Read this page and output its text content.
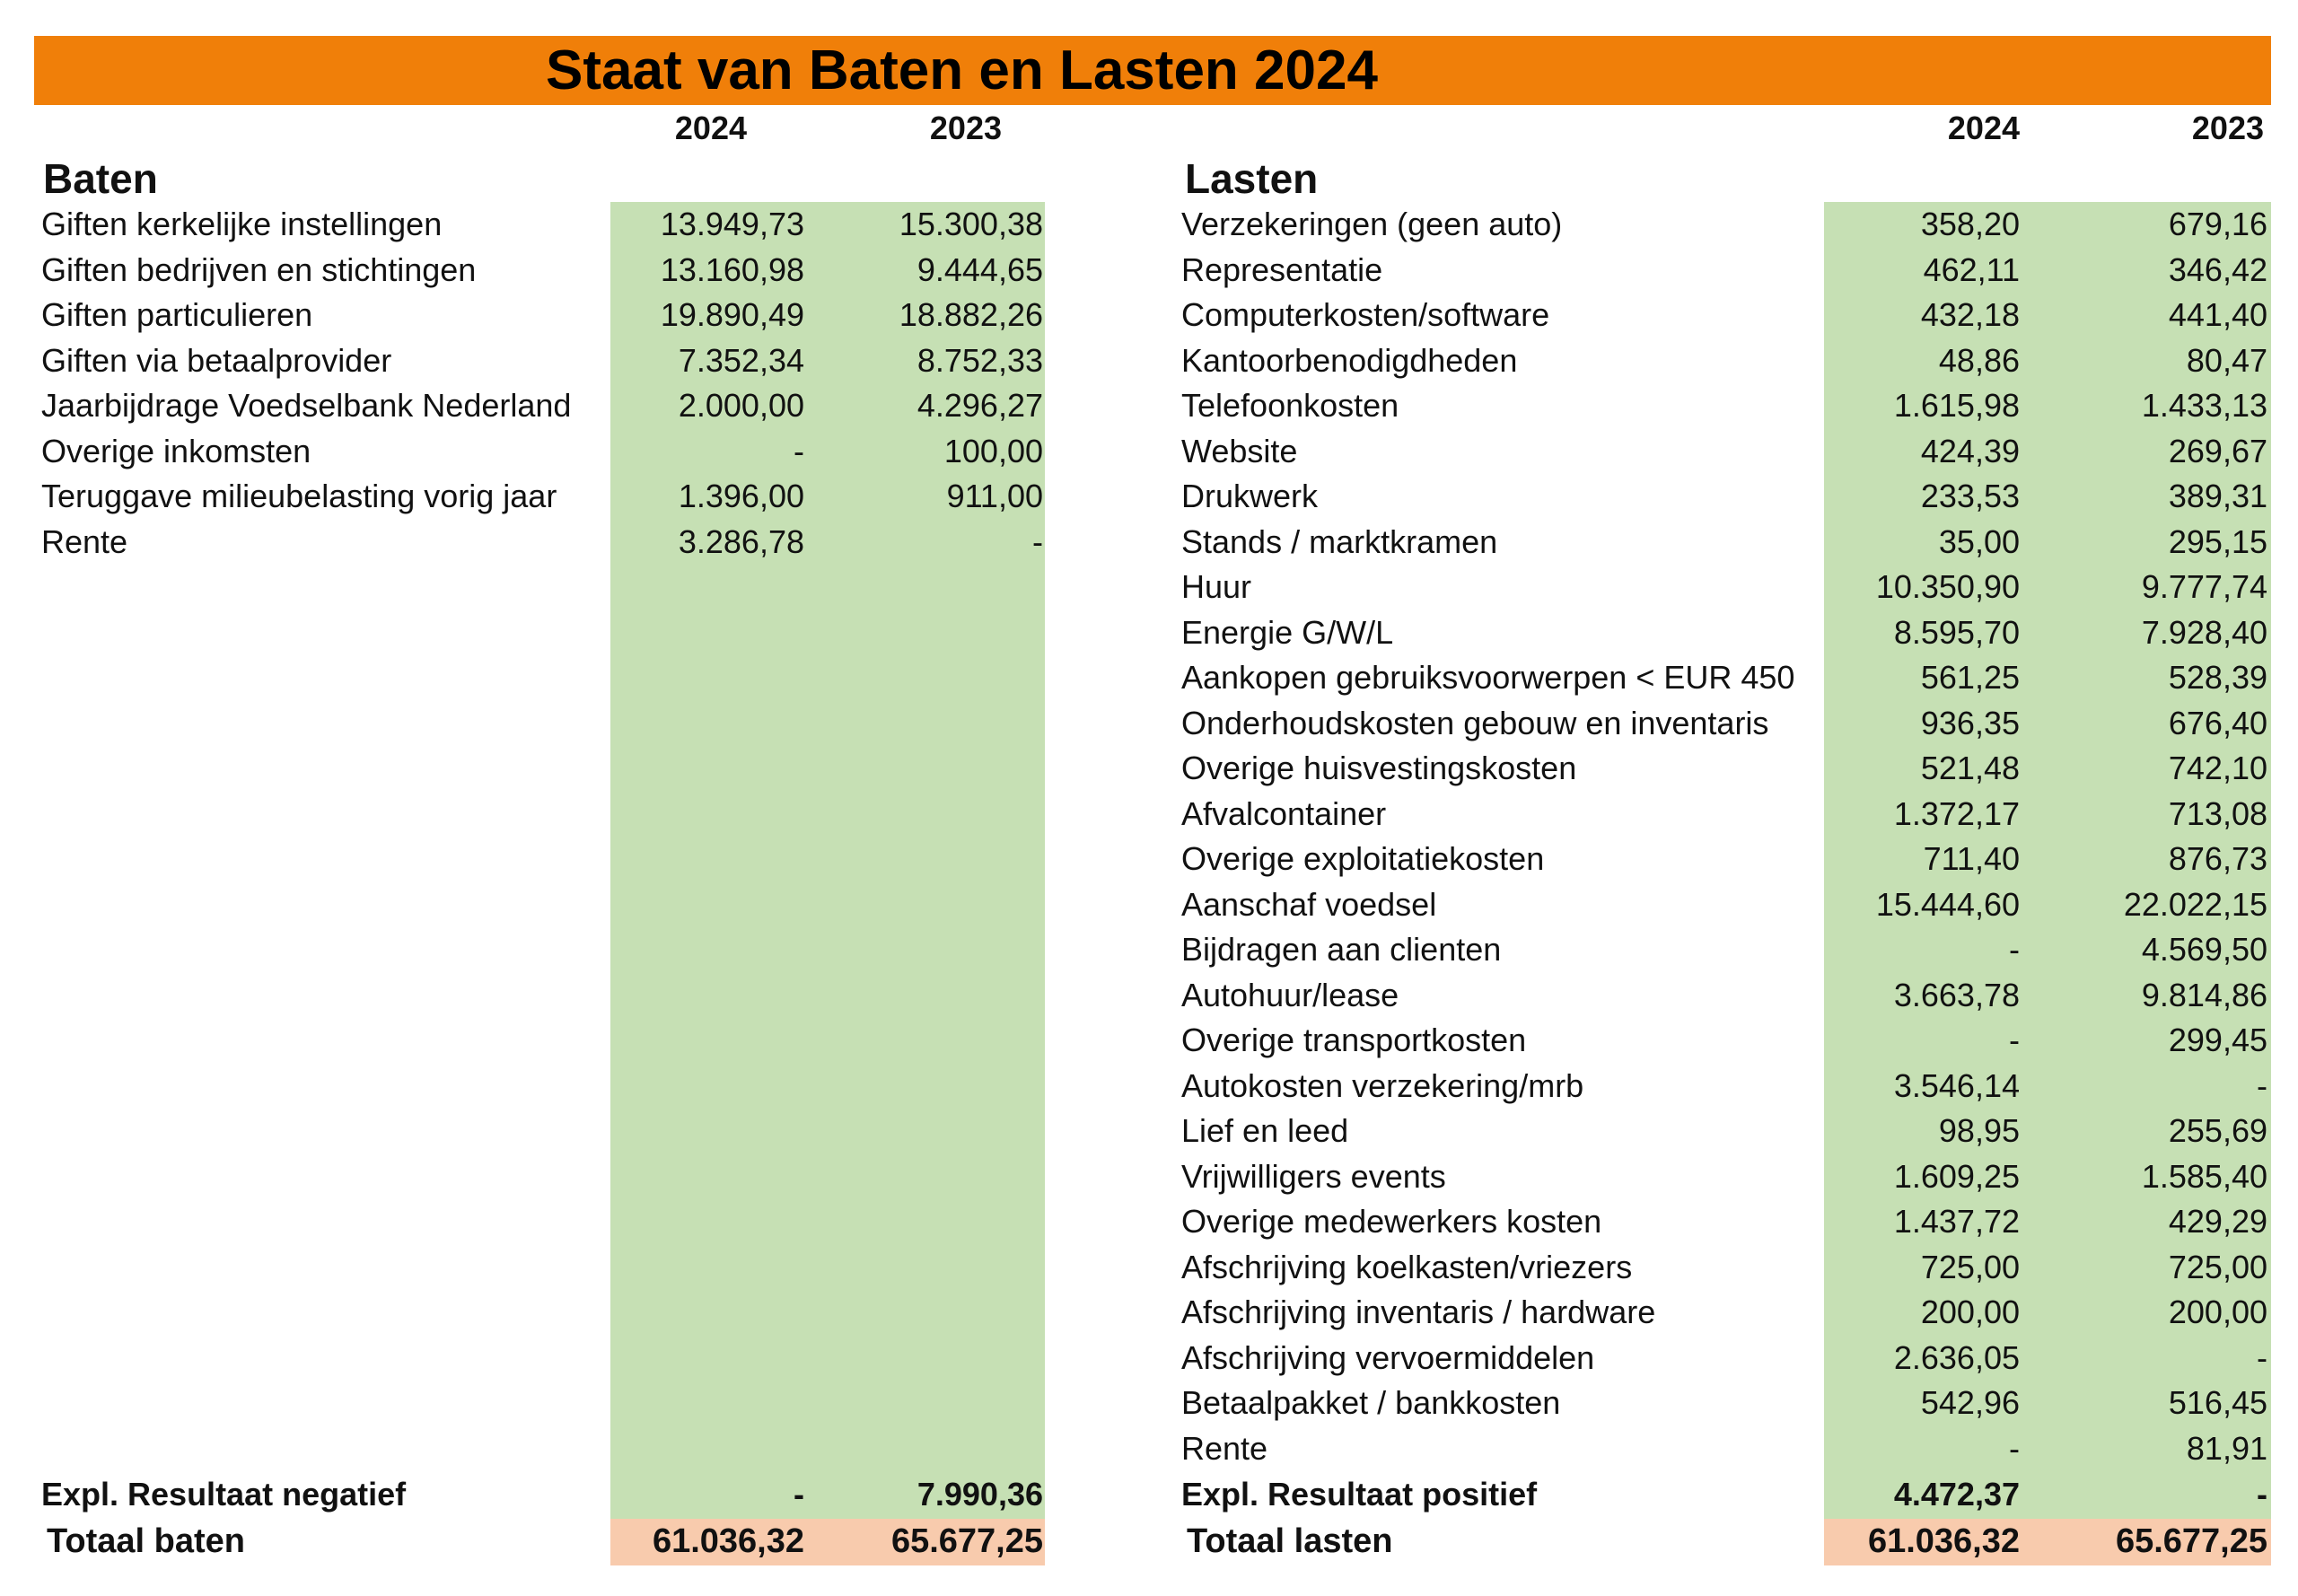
Staat van Baten en Lasten 2024
2024	2023	2024	2023
Baten	Lasten
Giften kerkelijke instellingen	13.949,73	15.300,38
Giften bedrijven en stichtingen	13.160,98	9.444,65
Giften particulieren	19.890,49	18.882,26
Giften via betaalprovider	7.352,34	8.752,33
Jaarbijdrage Voedselbank Nederland	2.000,00	4.296,27
Overige inkomsten	-	100,00
Teruggave milieubelasting vorig jaar	1.396,00	911,00
Rente	3.286,78	-
Expl. Resultaat negatief	-	7.990,36
Totaal baten	61.036,32	65.677,25
Verzekeringen (geen auto)	358,20	679,16
Representatie	462,11	346,42
Computerkosten/software	432,18	441,40
Kantoorbenodigdheden	48,86	80,47
Telefoonkosten	1.615,98	1.433,13
Website	424,39	269,67
Drukwerk	233,53	389,31
Stands / marktkramen	35,00	295,15
Huur	10.350,90	9.777,74
Energie G/W/L	8.595,70	7.928,40
Aankopen gebruiksvoorwerpen < EUR 450	561,25	528,39
Onderhoudskosten gebouw en inventaris	936,35	676,40
Overige huisvestingskosten	521,48	742,10
Afvalcontainer	1.372,17	713,08
Overige exploitatiekosten	711,40	876,73
Aanschaf voedsel	15.444,60	22.022,15
Bijdragen aan clienten	-	4.569,50
Autohuur/lease	3.663,78	9.814,86
Overige transportkosten	-	299,45
Autokosten verzekering/mrb	3.546,14	-
Lief en leed	98,95	255,69
Vrijwilligers events	1.609,25	1.585,40
Overige medewerkers kosten	1.437,72	429,29
Afschrijving koelkasten/vriezers	725,00	725,00
Afschrijving inventaris / hardware	200,00	200,00
Afschrijving vervoermiddelen	2.636,05	-
Betaalpakket / bankkosten	542,96	516,45
Rente	-	81,91
Expl. Resultaat positief	4.472,37	-
Totaal lasten	61.036,32	65.677,25
